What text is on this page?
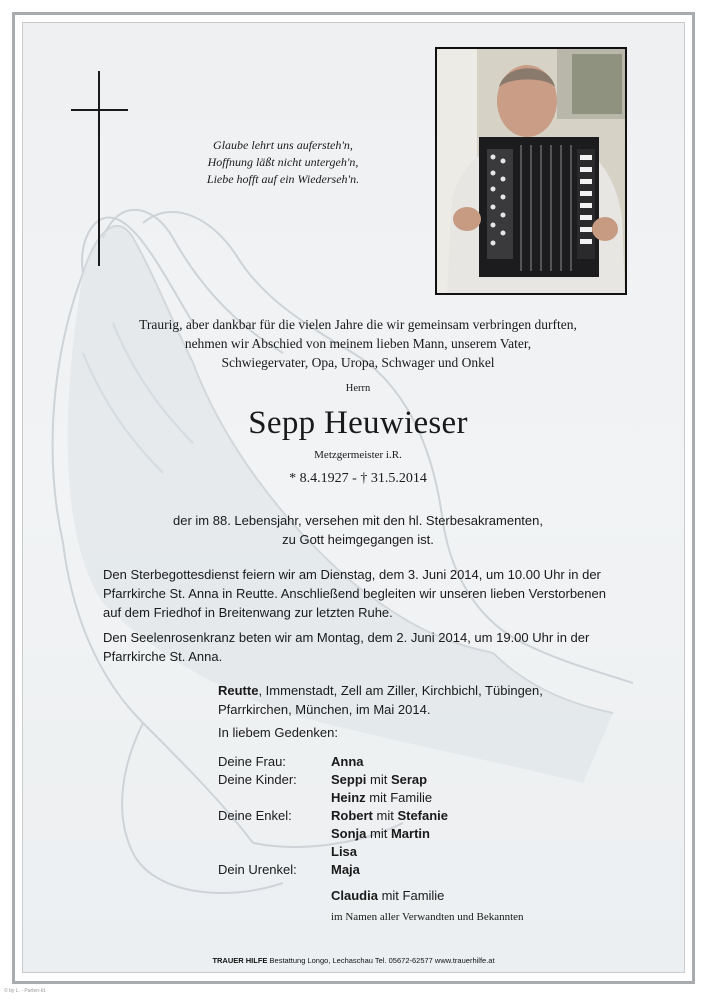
Glaube lehrt uns aufersteh'n,
Hoffnung läßt nicht untergeh'n,
Liebe hofft auf ein Wiederseh'n.
Traurig, aber dankbar für die vielen Jahre die wir gemeinsam verbringen durften,
nehmen wir Abschied von meinem lieben Mann, unserem Vater,
Schwiegervater, Opa, Uropa, Schwager und Onkel
Herrn
Sepp Heuwieser
Metzgermeister i.R.
* 8.4.1927 - † 31.5.2014
der im 88. Lebensjahr, versehen mit den hl. Sterbesakramenten,
zu Gott heimgegangen ist.

Den Sterbegottesdienst feiern wir am Dienstag, dem 3. Juni 2014, um 10.00 Uhr in der
Pfarrkirche St. Anna in Reutte. Anschließend begleiten wir unseren lieben Verstorbenen
auf dem Friedhof in Breitenwang zur letzten Ruhe.

Den Seelenrosenkranz beten wir am Montag, dem 2. Juni 2014, um 19.00 Uhr in der
Pfarrkirche St. Anna.

Reutte, Immenstadt, Zell am Ziller, Kirchbichl, Tübingen,
Pfarrkirchen, München, im Mai 2014.
In liebem Gedenken:
Deine Frau:	Anna
Deine Kinder:	Seppi mit Serap
Heinz mit Familie
Deine Enkel:	Robert mit Stefanie
Sonja mit Martin
Lisa
Dein Urenkel:	Maja
Claudia mit Familie
im Namen aller Verwandten und Bekannten
TRAUER HILFE Bestattung Longo, Lechaschau Tel. 05672-62577 www.trauerhilfe.at
© by L. - Parten-Id.
